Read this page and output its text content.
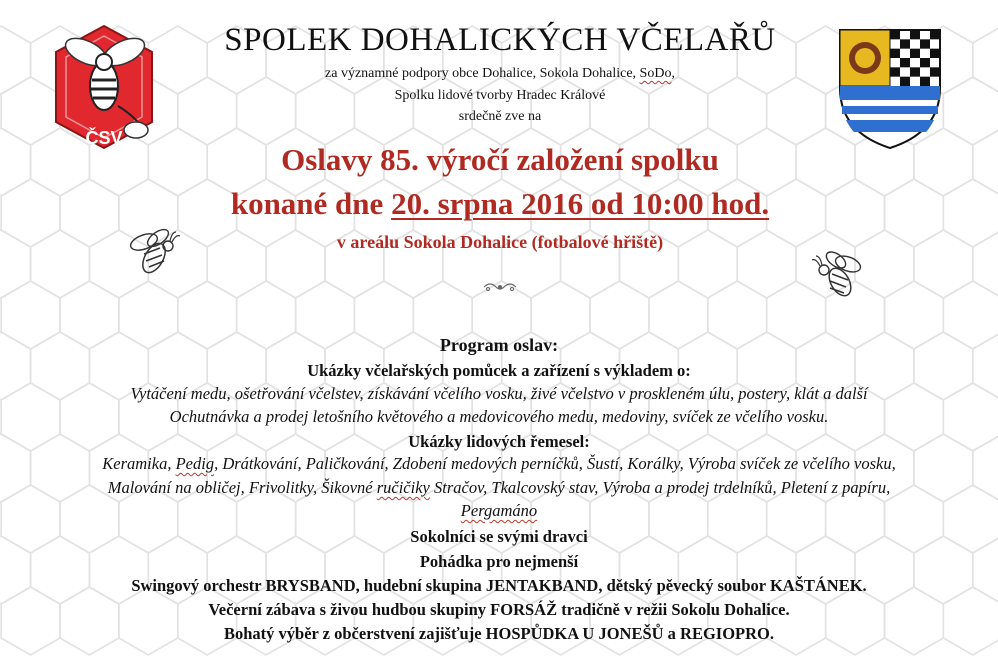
ČSV
SPOLEK DOHALICKÝCH VČELAŘŮ
za významné podpory obce Dohalice, Sokola Dohalice, SoDo,
Spolku lidové tvorby Hradec Králové
srdečně zve na
Oslavy 85. výročí založení spolku
konané dne 20. srpna 2016 od 10:00 hod.
v areálu Sokola Dohalice (fotbalové hřiště)
Program oslav:
Ukázky včelařských pomůcek a zařízení s výkladem o:
Vytáčení medu, ošetřování včelstev, získávání včelího vosku, živé včelstvo v proskleném úlu, postery, klát a další
Ochutnávka a prodej letošního květového a medovicového medu, medoviny, svíček ze včelího vosku.
Ukázky lidových řemesel:
Keramika, Pedig, Drátkování, Paličkování, Zdobení medových perníčků, Šustí, Korálky, Výroba svíček ze včelího vosku,
Malování na obličej, Frivolitky, Šikovné ručičiky Stračov, Tkalcovský stav, Výroba a prodej trdelníků, Pletení z papíru,
Pergamáno
Sokolníci se svými dravci
Pohádka pro nejmenší
Swingový orchestr BRYSBAND, hudební skupina JENTAKBAND, dětský pěvecký soubor KAŠTÁNEK.
Večerní zábava s živou hudbou skupiny FORSÁŽ tradičně v režii Sokolu Dohalice.
Bohatý výběr z občerstvení zajišťuje HOSPŮDKA U JONEŠŮ a REGIOPRO.
